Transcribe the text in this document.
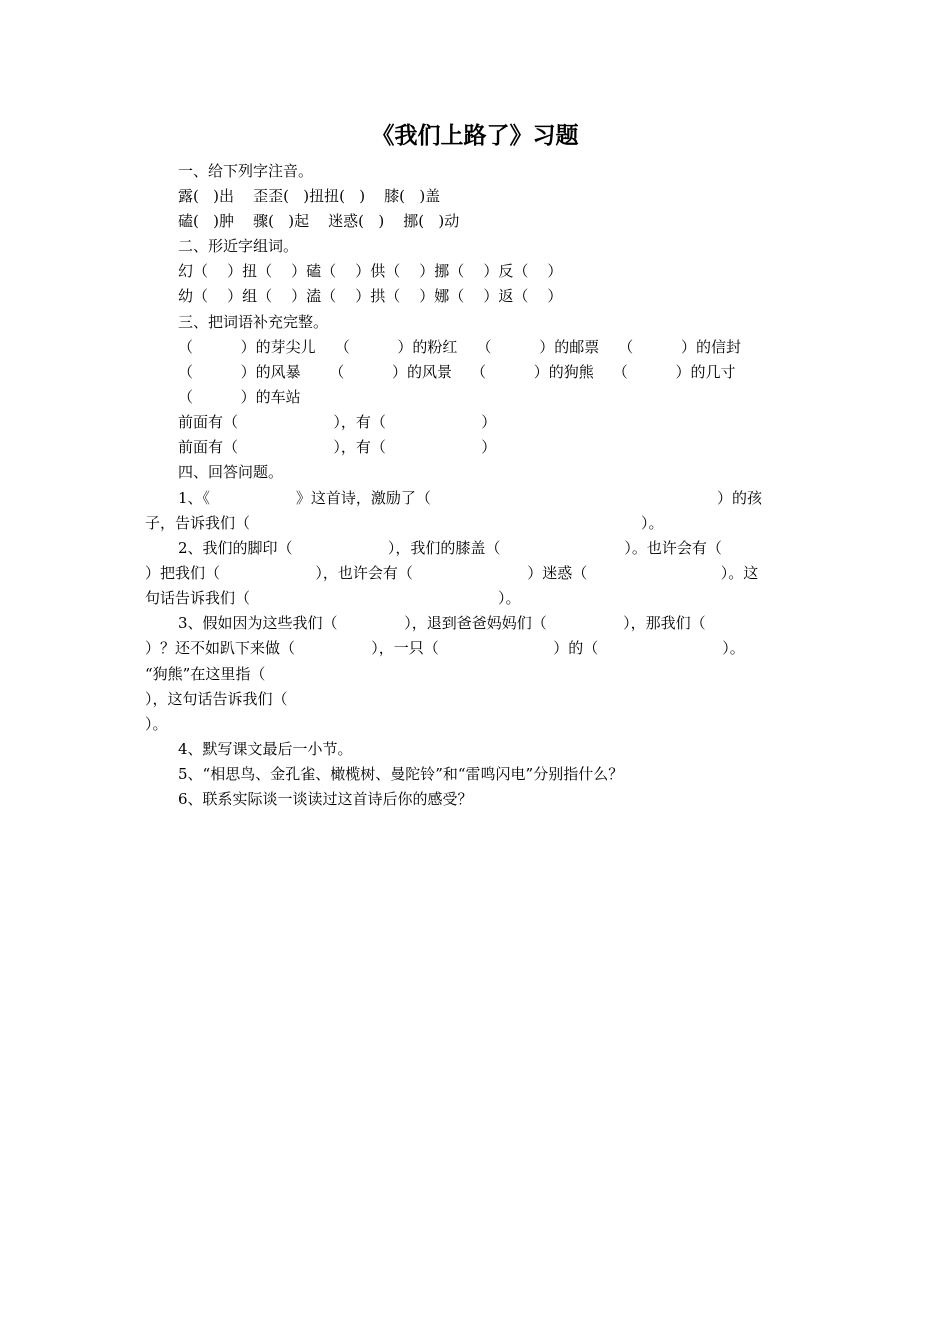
《我们上路了》习题
一、给下列字注音。
露(   )出    歪歪(   )扭扭(   )    膝(   )盖
磕(   )肿    骤(   )起    迷惑(   )    挪(   )动
二、形近字组词。
幻（    ）扭（    ）磕（    ）供（    ）挪（    ）反（    ）
幼（    ）组（    ）溘（    ）拱（    ）娜（    ）返（    ）
三、把词语补充完整。
（          ）的芽尖儿    （          ）的粉红    （          ）的邮票    （          ）的信封
（          ）的风暴      （          ）的风景    （          ）的狗熊    （          ）的几寸
（          ）的车站
前面有（                    ），有（                    ）
前面有（                    ），有（                    ）
四、回答问题。
1、《                  》这首诗，激励了（                                                            ）的孩
子，告诉我们（                                                                                  ）。
2、我们的脚印（                    ），我们的膝盖（                          ）。也许会有（
）把我们（                    ），也许会有（                        ）迷惑（                            ）。这
句话告诉我们（                                                    ）。
3、假如因为这些我们（              ），退到爸爸妈妈们（                ），那我们（
）？还不如趴下来做（                ），一只（                        ）的（                          ）。
“狗熊”在这里指（
），这句话告诉我们（
）。
4、默写课文最后一小节。
5、“相思鸟、金孔雀、橄榄树、曼陀铃”和“雷鸣闪电”分别指什么？
6、联系实际谈一谈读过这首诗后你的感受？
